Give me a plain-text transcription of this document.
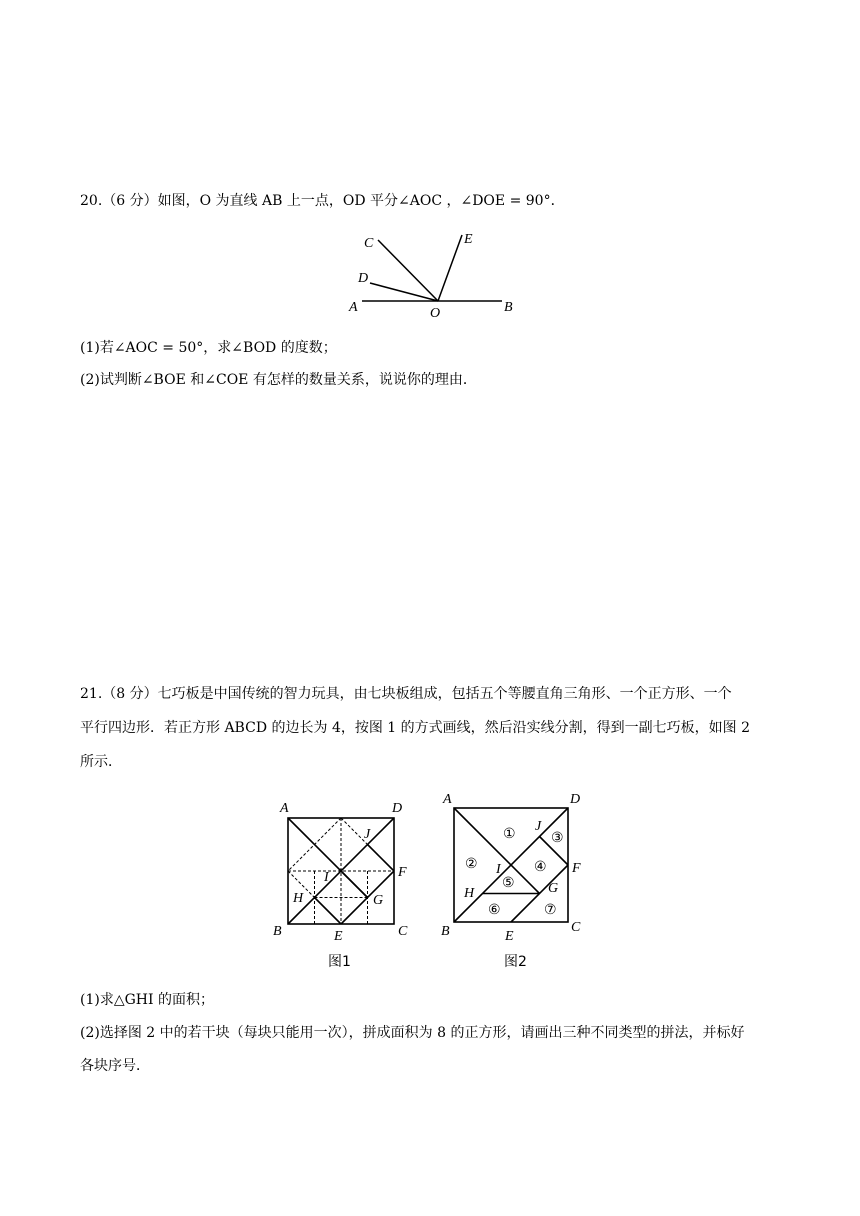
20.（6 分）如图，O 为直线 AB 上一点，OD 平分∠AOC ，∠DOE = 90°．
C
D
A	O	B
E
(1)若∠AOC = 50°，求∠BOD 的度数；
(2)试判断∠BOE 和∠COE 有怎样的数量关系，说说你的理由．
21.（8 分）七巧板是中国传统的智力玩具，由七块板组成，包括五个等腰直角三角形、一个正方形、一个
平行四边形．若正方形 ABCD 的边长为 4，按图 1 的方式画线，然后沿实线分割，得到一副七巧板，如图 2
所示．
A	D
J
F
I
H	G
B	E	C
图1
A	D
J
F
I
H	G
B	E
C
①
②
③
④
⑤
⑥	⑦
图2
(1)求△GHI 的面积；
(2)选择图 2 中的若干块（每块只能用一次），拼成面积为 8 的正方形，请画出三种不同类型的拼法，并标好
各块序号．
